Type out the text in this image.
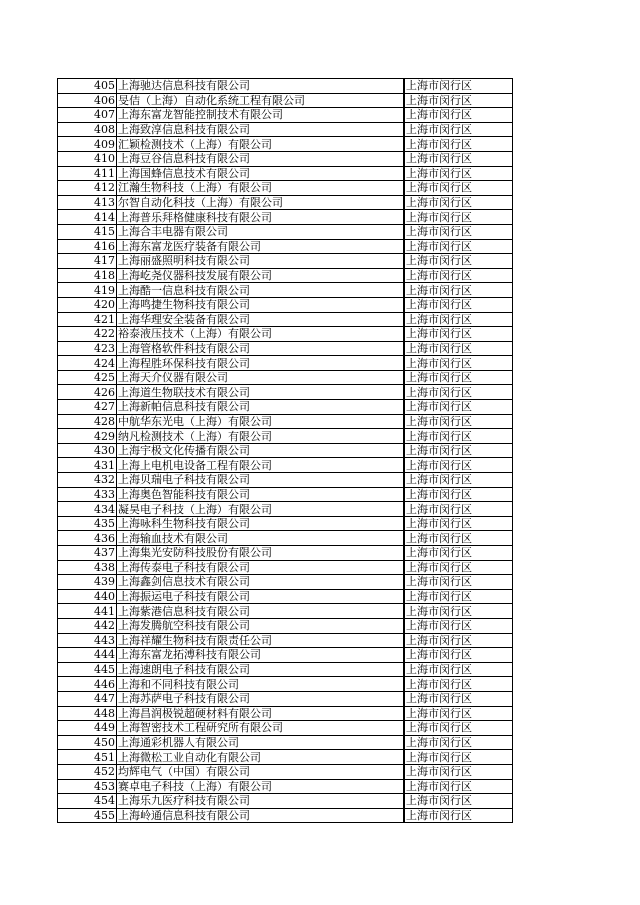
405	上海驰达信息科技有限公司		上海市闵行区
406	旻佶（上海）自动化系统工程有限公司		上海市闵行区
407	上海东富龙智能控制技术有限公司		上海市闵行区
408	上海致淳信息科技有限公司		上海市闵行区
409	汇颖检测技术（上海）有限公司		上海市闵行区
410	上海豆谷信息科技有限公司		上海市闵行区
411	上海国蜂信息技术有限公司		上海市闵行区
412	江瀚生物科技（上海）有限公司		上海市闵行区
413	尔智自动化科技（上海）有限公司		上海市闵行区
414	上海普乐拜格健康科技有限公司		上海市闵行区
415	上海合丰电器有限公司		上海市闵行区
416	上海东富龙医疗装备有限公司		上海市闵行区
417	上海丽盛照明科技有限公司		上海市闵行区
418	上海屹尧仪器科技发展有限公司		上海市闵行区
419	上海酷一信息科技有限公司		上海市闵行区
420	上海鸣捷生物科技有限公司		上海市闵行区
421	上海华理安全装备有限公司		上海市闵行区
422	裕泰液压技术（上海）有限公司		上海市闵行区
423	上海管格软件科技有限公司		上海市闵行区
424	上海程胜环保科技有限公司		上海市闵行区
425	上海天介仪器有限公司		上海市闵行区
426	上海道生物联技术有限公司		上海市闵行区
427	上海新帕信息科技有限公司		上海市闵行区
428	中航华东光电（上海）有限公司		上海市闵行区
429	纳凡检测技术（上海）有限公司		上海市闵行区
430	上海宇极文化传播有限公司		上海市闵行区
431	上海上电机电设备工程有限公司		上海市闵行区
432	上海贝瑞电子科技有限公司		上海市闵行区
433	上海奥色智能科技有限公司		上海市闵行区
434	凝昊电子科技（上海）有限公司		上海市闵行区
435	上海咏科生物科技有限公司		上海市闵行区
436	上海输血技术有限公司		上海市闵行区
437	上海集光安防科技股份有限公司		上海市闵行区
438	上海传泰电子科技有限公司		上海市闵行区
439	上海鑫剑信息技术有限公司		上海市闵行区
440	上海振运电子科技有限公司		上海市闵行区
441	上海紫港信息科技有限公司		上海市闵行区
442	上海发腾航空科技有限公司		上海市闵行区
443	上海祥耀生物科技有限责任公司		上海市闵行区
444	上海东富龙拓溥科技有限公司		上海市闵行区
445	上海速朗电子科技有限公司		上海市闵行区
446	上海和不同科技有限公司		上海市闵行区
447	上海苏萨电子科技有限公司		上海市闵行区
448	上海昌润极锐超硬材料有限公司		上海市闵行区
449	上海智密技术工程研究所有限公司		上海市闵行区
450	上海通彩机器人有限公司		上海市闵行区
451	上海微松工业自动化有限公司		上海市闵行区
452	均辉电气（中国）有限公司		上海市闵行区
453	赛卓电子科技（上海）有限公司		上海市闵行区
454	上海乐九医疗科技有限公司		上海市闵行区
455	上海岭通信息科技有限公司		上海市闵行区
